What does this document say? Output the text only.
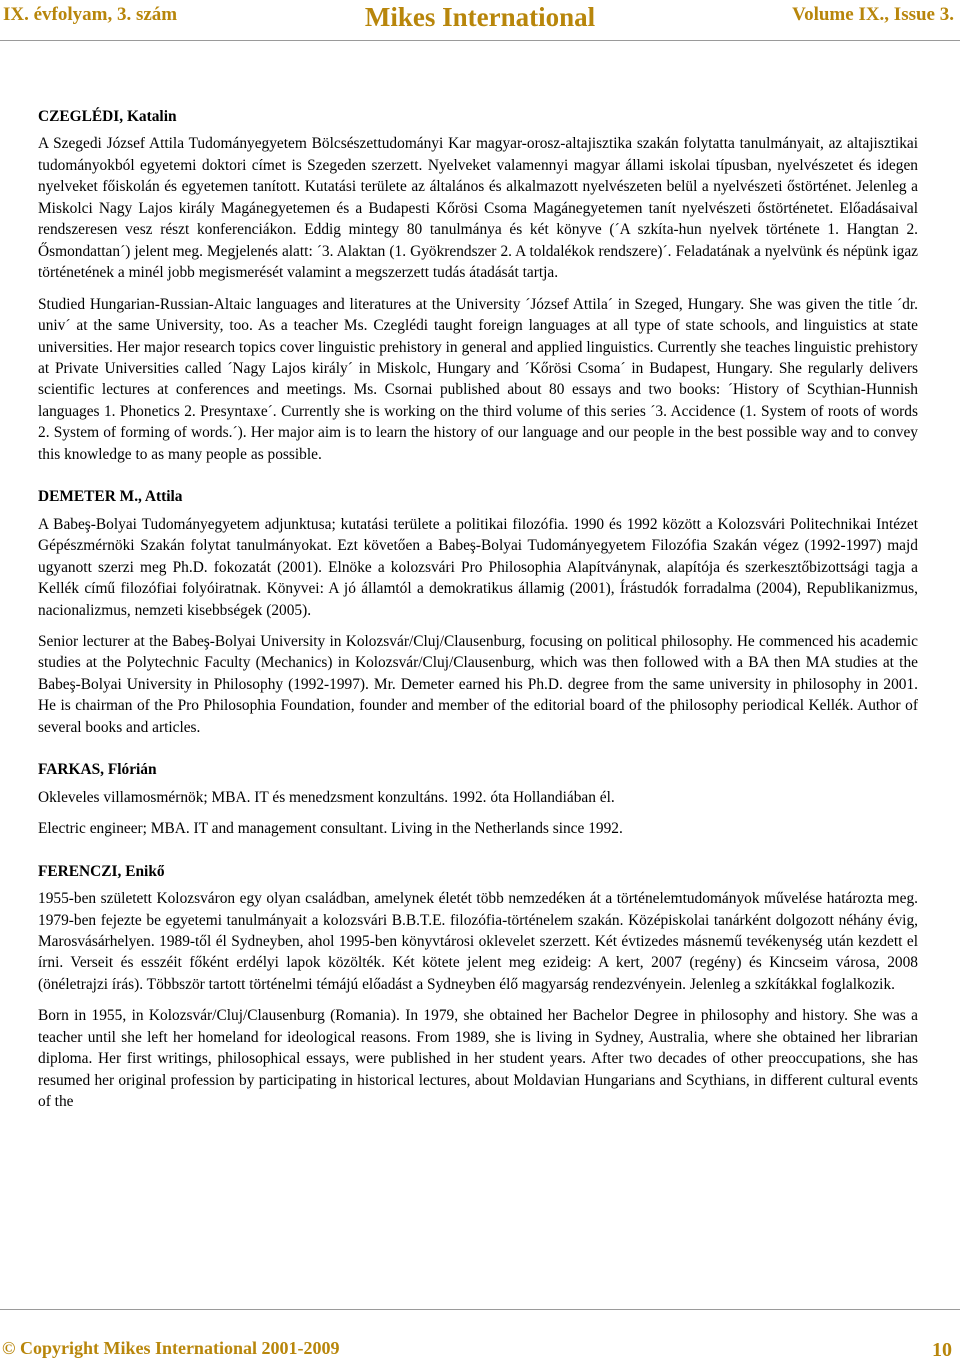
IX. évfolyam, 3. szám	Mikes International	Volume IX., Issue 3.
CZEGLÉDI, Katalin

A Szegedi József Attila Tudományegyetem Bölcsészettudományi Kar magyar-orosz-altajisztika szakán folytatta tanulmányait, az altajisztikai tudományokból egyetemi doktori címet is Szegeden szerzett. Nyelveket valamennyi magyar állami iskolai típusban, nyelvészetet és idegen nyelveket főiskolán és egyetemen tanított. Kutatási területe az általános és alkalmazott nyelvészeten belül a nyelvészeti őstörténet. Jelenleg a Miskolci Nagy Lajos király Magánegyetemen és a Budapesti Kőrösi Csoma Magánegyetemen tanít nyelvészeti őstörténetet. Előadásaival rendszeresen vesz részt konferenciákon. Eddig mintegy 80 tanulmánya és két könyve (´A szkíta-hun nyelvek története 1. Hangtan 2. Ősmondattan´) jelent meg. Megjelenés alatt: ´3. Alaktan (1. Gyökrendszer 2. A toldalékok rendszere)´. Feladatának a nyelvünk és népünk igaz történetének a minél jobb megismerését valamint a megszerzett tudás átadását tartja.

Studied Hungarian-Russian-Altaic languages and literatures at the University ´József Attila´ in Szeged, Hungary. She was given the title ´dr. univ´ at the same University, too. As a teacher Ms. Czeglédi taught foreign languages at all type of state schools, and linguistics at state universities. Her major research topics cover linguistic prehistory in general and applied linguistics. Currently she teaches linguistic prehistory at Private Universities called ´Nagy Lajos király´ in Miskolc, Hungary and ´Kőrösi Csoma´ in Budapest, Hungary. She regularly delivers scientific lectures at conferences and meetings. Ms. Csornai published about 80 essays and two books: ´History of Scythian-Hunnish languages 1. Phonetics 2. Presyntaxe´. Currently she is working on the third volume of this series ´3. Accidence (1. System of roots of words 2. System of forming of words.´). Her major aim is to learn the history of our language and our people in the best possible way and to convey this knowledge to as many people as possible.

DEMETER M., Attila

A Babeş-Bolyai Tudományegyetem adjunktusa; kutatási területe a politikai filozófia. 1990 és 1992 között a Kolozsvári Politechnikai Intézet Gépészmérnöki Szakán folytat tanulmányokat. Ezt követően a Babeş-Bolyai Tudományegyetem Filozófia Szakán végez (1992-1997) majd ugyanott szerzi meg Ph.D. fokozatát (2001). Elnöke a kolozsvári Pro Philosophia Alapítványnak, alapítója és szerkesztőbizottsági tagja a Kellék című filozófiai folyóiratnak. Könyvei: A jó államtól a demokratikus államig (2001), Írástudók forradalma (2004), Republikanizmus, nacionalizmus, nemzeti kisebbségek (2005).

Senior lecturer at the Babeş-Bolyai University in Kolozsvár/Cluj/Clausenburg, focusing on political philosophy. He commenced his academic studies at the Polytechnic Faculty (Mechanics) in Kolozsvár/Cluj/Clausenburg, which was then followed with a BA then MA studies at the Babeş-Bolyai University in Philosophy (1992-1997). Mr. Demeter earned his Ph.D. degree from the same university in philosophy in 2001. He is chairman of the Pro Philosophia Foundation, founder and member of the editorial board of the philosophy periodical Kellék. Author of several books and articles.

FARKAS, Flórián

Okleveles villamosmérnök; MBA. IT és menedzsment konzultáns. 1992. óta Hollandiában él.

Electric engineer; MBA. IT and management consultant. Living in the Netherlands since 1992.

FERENCZI, Enikő

1955-ben született Kolozsváron egy olyan családban, amelynek életét több nemzedéken át a történelemtudományok művelése határozta meg. 1979-ben fejezte be egyetemi tanulmányait a kolozsvári B.B.T.E. filozófia-történelem szakán. Középiskolai tanárként dolgozott néhány évig, Marosvásárhelyen. 1989-től él Sydneyben, ahol 1995-ben könyvtárosi oklevelet szerzett. Két évtizedes másnemű tevékenység után kezdett el írni. Verseit és esszéit főként erdélyi lapok közölték. Két kötete jelent meg ezideig: A kert, 2007 (regény) és Kincseim városa, 2008 (önéletrajzi írás). Többször tartott történelmi témájú előadást a Sydneyben élő magyarság rendezvényein. Jelenleg a szkítákkal foglalkozik.

Born in 1955, in Kolozsvár/Cluj/Clausenburg (Romania). In 1979, she obtained her Bachelor Degree in philosophy and history. She was a teacher until she left her homeland for ideological reasons. From 1989, she is living in Sydney, Australia, where she obtained her librarian diploma. Her first writings, philosophical essays, were published in her student years. After two decades of other preoccupations, she has resumed her original profession by participating in historical lectures, about Moldavian Hungarians and Scythians, in different cultural events of the

© Copyright Mikes International 2001-2009	10
